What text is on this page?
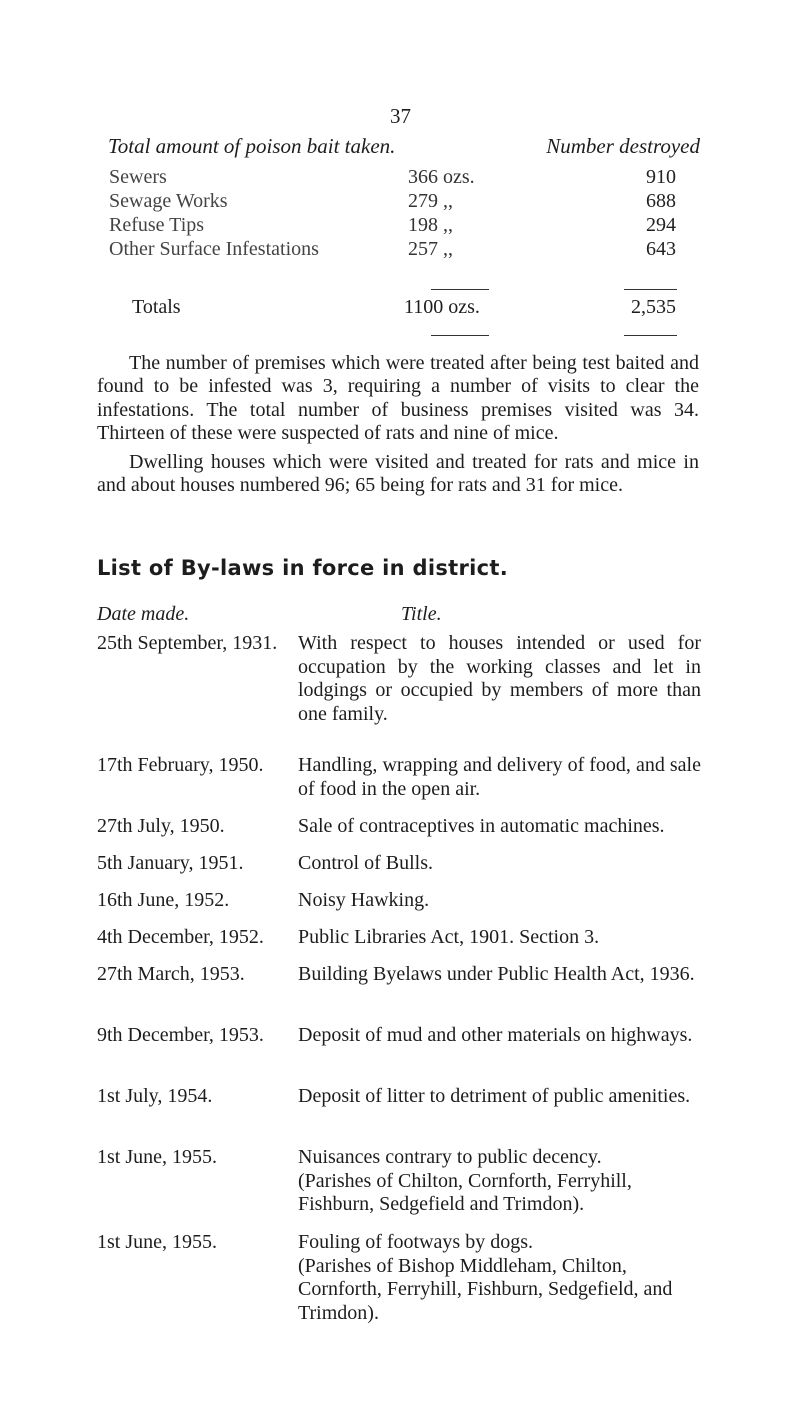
37
Total amount of poison bait taken.	Number destroyed
Sewers	366 ozs.	910
Sewage Works	279 ,,	688
Refuse Tips	198 ,,	294
Other Surface Infestations	257 ,,	643
Totals	1100 ozs.	2,535

The number of premises which were treated after being test baited and found to be infested was 3, requiring a number of visits to clear the infestations. The total number of business premises visited was 34. Thirteen of these were suspected of rats and nine of mice.

Dwelling houses which were visited and treated for rats and mice in and about houses numbered 96; 65 being for rats and 31 for mice.

List of By-laws in force in district.
Date made.	Title.
25th September, 1931. With respect to houses intended or used for occupation by the working classes and let in lodgings or occupied by members of more than one family.
17th February, 1950. Handling, wrapping and delivery of food, and sale of food in the open air.
27th July, 1950.	Sale of contraceptives in automatic machines.
5th January, 1951.	Control of Bulls.
16th June, 1952.	Noisy Hawking.
4th December, 1952. Public Libraries Act, 1901. Section 3.
27th March, 1953.	Building Byelaws under Public Health Act, 1936.
9th December, 1953. Deposit of mud and other materials on highways.
1st July, 1954.	Deposit of litter to detriment of public amenities.
1st June, 1955.	Nuisances contrary to public decency.
(Parishes of Chilton, Cornforth, Ferryhill, Fishburn, Sedgefield and Trimdon).
1st June, 1955.	Fouling of footways by dogs.
(Parishes of Bishop Middleham, Chilton, Cornforth, Ferryhill, Fishburn, Sedgefield, and Trimdon).
